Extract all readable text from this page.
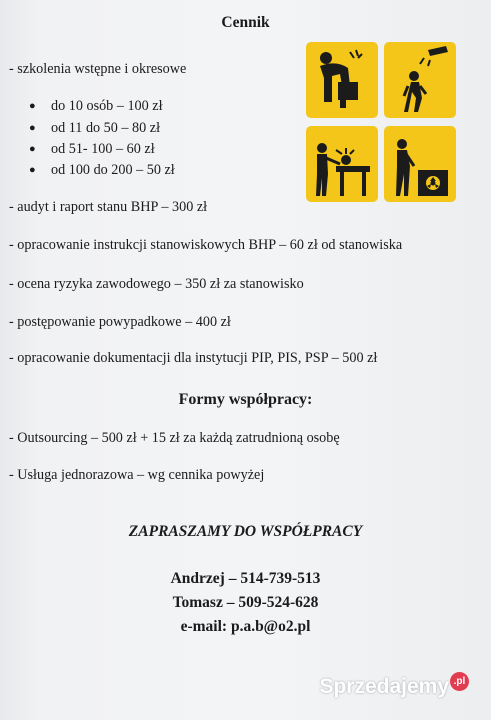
Cennik
- szkolenia wstępne i okresowe
● do 10 osób – 100 zł
● od 11 do 50 – 80 zł
● od 51- 100 – 60 zł
● od 100 do 200 – 50 zł
- audyt i raport stanu BHP – 300 zł
- opracowanie instrukcji stanowiskowych BHP – 60 zł od stanowiska
- ocena ryzyka zawodowego – 350 zł za stanowisko
- postępowanie powypadkowe – 400 zł
- opracowanie dokumentacji dla instytucji PIP, PIS, PSP – 500 zł
Formy współpracy:
- Outsourcing – 500 zł + 15 zł za każdą zatrudnioną osobę
- Usługa jednorazowa – wg cennika powyżej
ZAPRASZAMY DO WSPÓŁPRACY
Andrzej – 514-739-513
Tomasz – 509-524-628
e-mail: p.a.b@o2.pl
Sprzedajemy .pl
